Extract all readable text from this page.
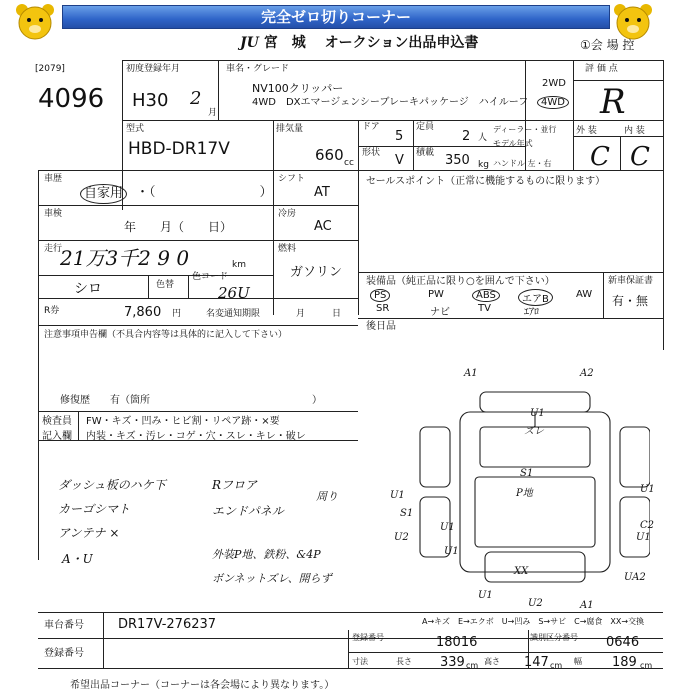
完全ゼロ切りコーナー
JU 宮　城　 オークション出品申込書	①会 場 控
[2079]
4096
初度登録年月
H30 2
月
車名・グレード
NV100クリッパー
4WD　DXエマージェンシーブレーキパッケージ　ハイルーフ
2WD
4WD
評 価 点
R
型式
HBD-DR17V
排気量
660 cc
ドア
5
定員
2 人
形状 V 積載 350 kg
ディーラー・並行
モデル年式
ハンドル 左・右
外 装	内 装
C C
車歴
自家用 ・（　　　　　　　　）
シフト
AT
車検
年　　月（　　日）
冷房
AC
走行
21万3千2 9 0	km
燃料
ガソリン
シロ	色替
色コード
26U
R券	7,860 円	名変通知期限　　　　月　　　日
セールスポイント（正常に機能するものに限ります）
装備品（純正品に限り○を囲んで下さい）	新車保証書
有・無
PS	PW	ABS	エアB	AW
SR	ナビ	TV	ｴｱﾛ
後日品
注意事項申告欄（不具合内容等は具体的に記入して下さい）
修復歴　　有（箇所	）
検査員 FW・キズ・凹み・ヒビ割・リペア跡・×要
記入欄 内装・キズ・汚レ・コゲ・穴・スレ・キレ・破レ
ダッシュ板のハケ下
カーゴシマト
アンテナ ×
A・U
Rフロア
エンドパネル
周り
外装P地、鉄粉、&4P
ボンネットズレ、開らず
A1	A2
U1
ズレ
S1
P地
XX
U1
U1
S1
U2
U1	C2
U1
U1
UA2
U1
U2	A1
A→キズ　E→エクボ　U→凹み　S→サビ　C→腐食　XX→交換
車台番号	DR17V-276237
登録番号
登録番号	18016	識別区分番号 0646
寸法	長さ 339 cm 高さ 147 cm 幅 189 cm
希望出品コーナー（コーナーは各会場により異なります。）
